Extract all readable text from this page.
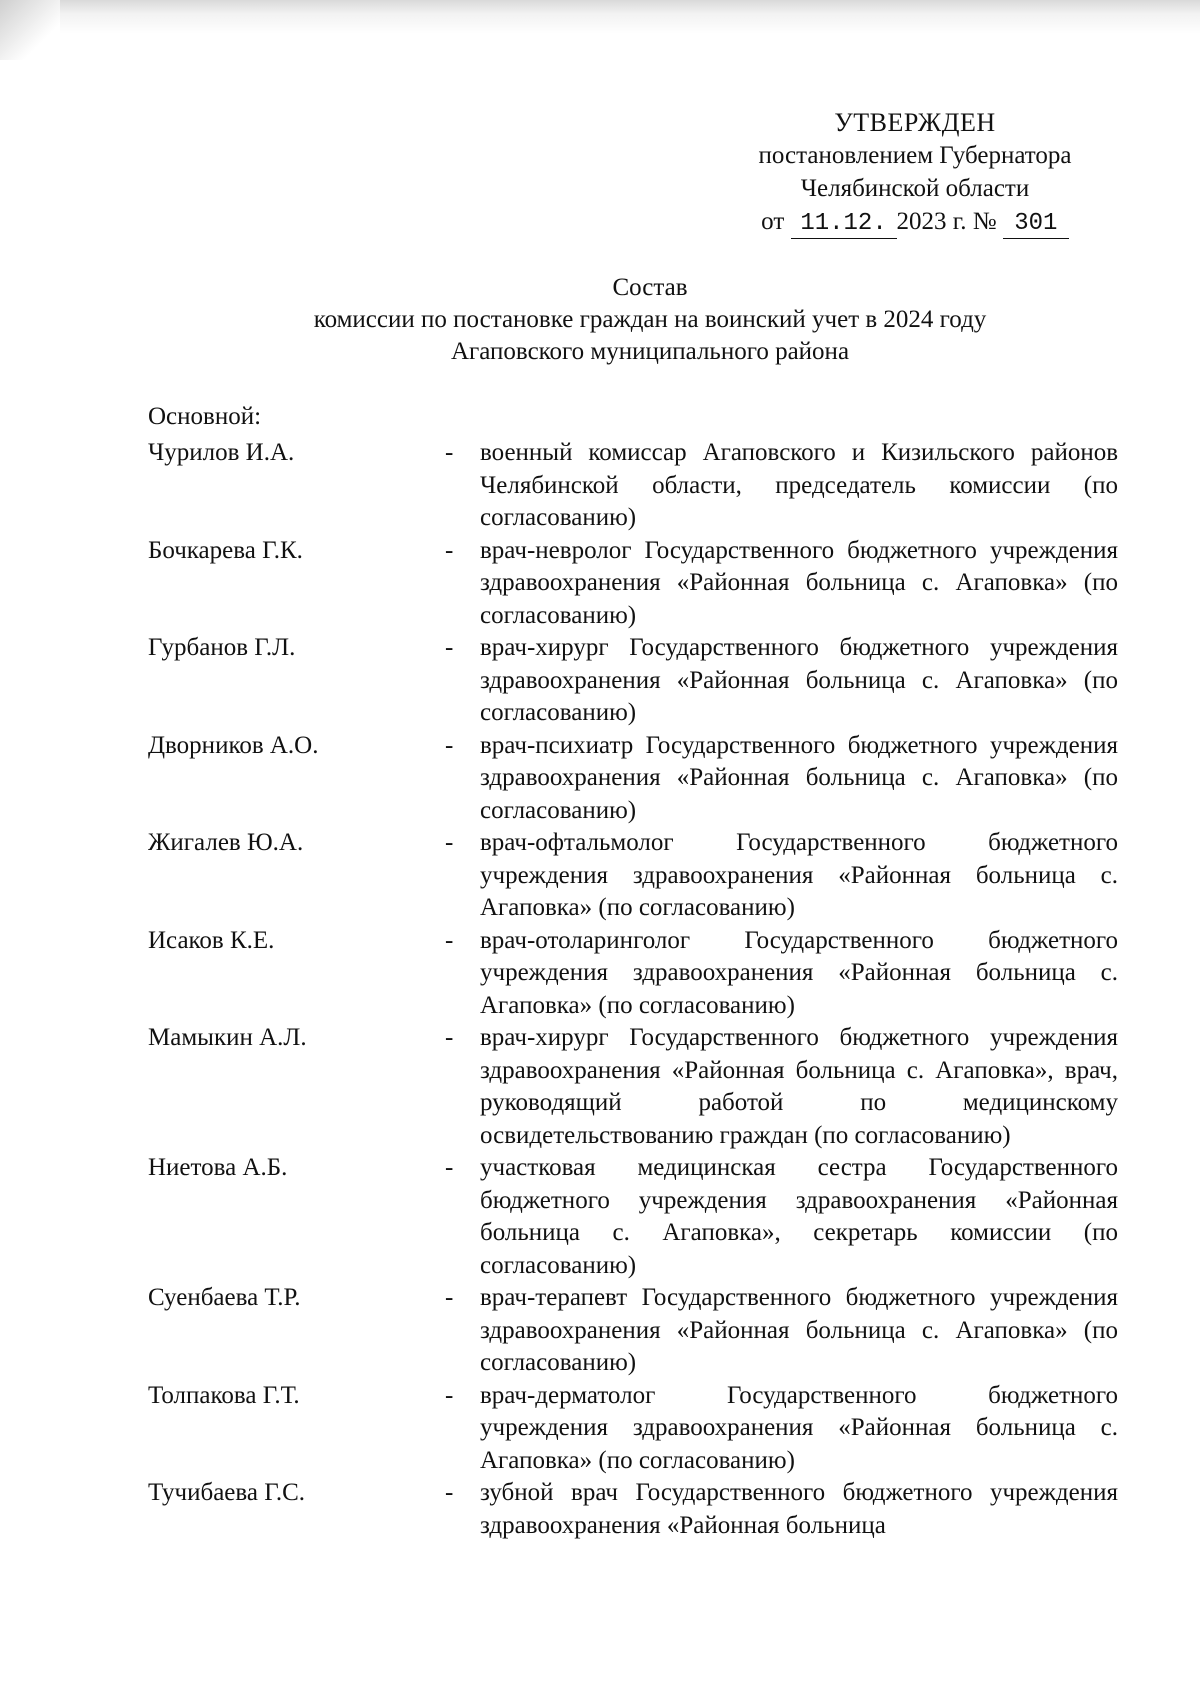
УТВЕРЖДЕН
постановлением Губернатора
Челябинской области
от 11.12. 2023 г. № 301
Состав
комиссии по постановке граждан на воинский учет в 2024 году
Агаповского муниципального района
Основной:
Чурилов И.А.	-	военный комиссар Агаповского и Кизильского районов Челябинской области, председатель комиссии (по согласованию)
Бочкарева Г.К.	-	врач-невролог Государственного бюджетного учреждения здравоохранения «Районная больница с. Агаповка» (по согласованию)
Гурбанов Г.Л.	-	врач-хирург Государственного бюджетного учреждения здравоохранения «Районная больница с. Агаповка» (по согласованию)
Дворников А.О.	-	врач-психиатр Государственного бюджетного учреждения здравоохранения «Районная больница с. Агаповка» (по согласованию)
Жигалев Ю.А.	-	врач-офтальмолог Государственного бюджетного учреждения здравоохранения «Районная больница с. Агаповка» (по согласованию)
Исаков К.Е.	-	врач-отоларинголог Государственного бюджетного учреждения здравоохранения «Районная больница с. Агаповка» (по согласованию)
Мамыкин А.Л.	-	врач-хирург Государственного бюджетного учреждения здравоохранения «Районная больница с. Агаповка», врач, руководящий работой по медицинскому освидетельствованию граждан (по согласованию)
Ниетова А.Б.	-	участковая медицинская сестра Государственного бюджетного учреждения здравоохранения «Районная больница с. Агаповка», секретарь комиссии (по согласованию)
Суенбаева Т.Р.	-	врач-терапевт Государственного бюджетного учреждения здравоохранения «Районная больница с. Агаповка» (по согласованию)
Толпакова Г.Т.	-	врач-дерматолог Государственного бюджетного учреждения здравоохранения «Районная больница с. Агаповка» (по согласованию)
Тучибаева Г.С.	-	зубной врач Государственного бюджетного учреждения здравоохранения «Районная больница
